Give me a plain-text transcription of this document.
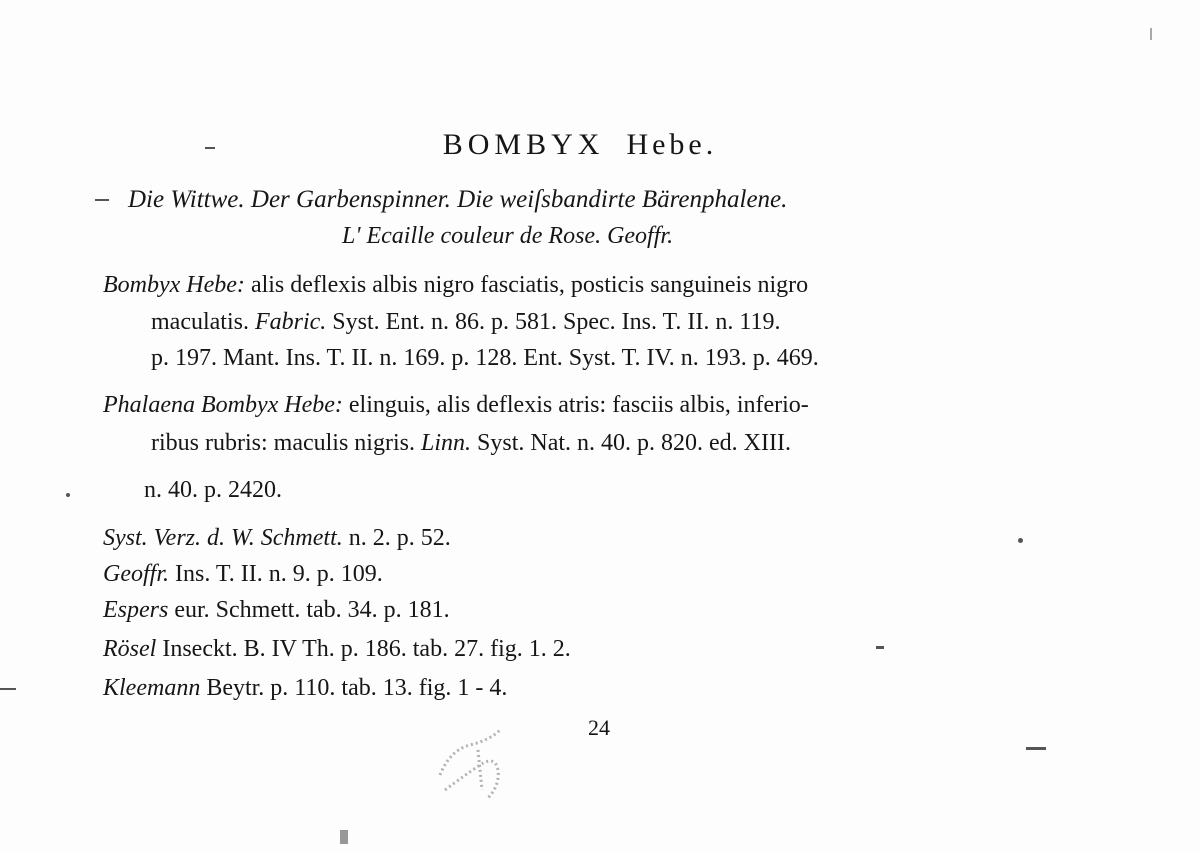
BOMBYX Hebe.
Die Wittwe. Der Garbenspinner. Die weiſsbandirte Bärenphalene.
L' Ecaille couleur de Rose. Geoffr.
Bombyx Hebe: alis deflexis albis nigro fasciatis, posticis sanguineis nigro
maculatis. Fabric. Syst. Ent. n. 86. p. 581. Spec. Ins. T. II. n. 119.
p. 197. Mant. Ins. T. II. n. 169. p. 128. Ent. Syst. T. IV. n. 193. p. 469.
Phalaena Bombyx Hebe: elinguis, alis deflexis atris: fasciis albis, inferio-
ribus rubris: maculis nigris. Linn. Syst. Nat. n. 40. p. 820. ed. XIII.
n. 40. p. 2420.
Syst. Verz. d. W. Schmett. n. 2. p. 52.
Geoffr. Ins. T. II. n. 9. p. 109.
Espers eur. Schmett. tab. 34. p. 181.
Rösel Inseckt. B. IV Th. p. 186. tab. 27. fig. 1. 2.
Kleemann Beytr. p. 110. tab. 13. fig. 1 - 4.
24
